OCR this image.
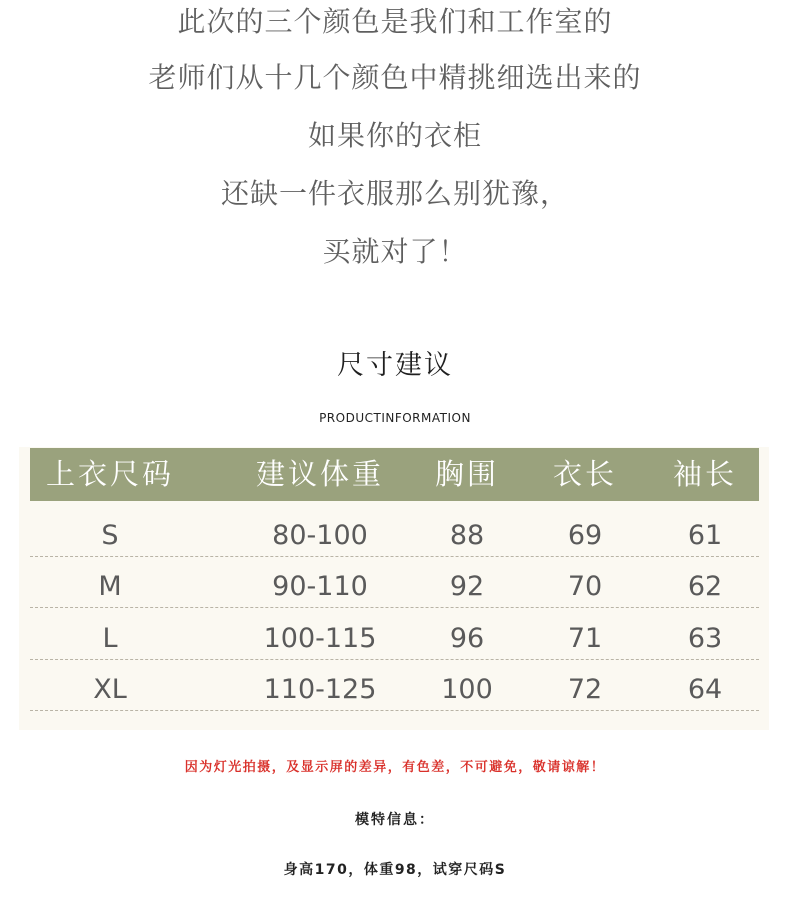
此次的三个颜色是我们和工作室的
老师们从十几个颜色中精挑细选出来的
如果你的衣柜
还缺一件衣服那么别犹豫，
买就对了！
尺寸建议
PRODUCTINFORMATION
上衣尺码	建议体重	胸围	衣长	袖长
S	80-100	88	69	61
M	90-110	92	70	62
L	100-115	96	71	63
XL	110-125	100	72	64
因为灯光拍摄，及显示屏的差异，有色差，不可避免，敬请谅解！
模特信息：
身高170，体重98，试穿尺码S
